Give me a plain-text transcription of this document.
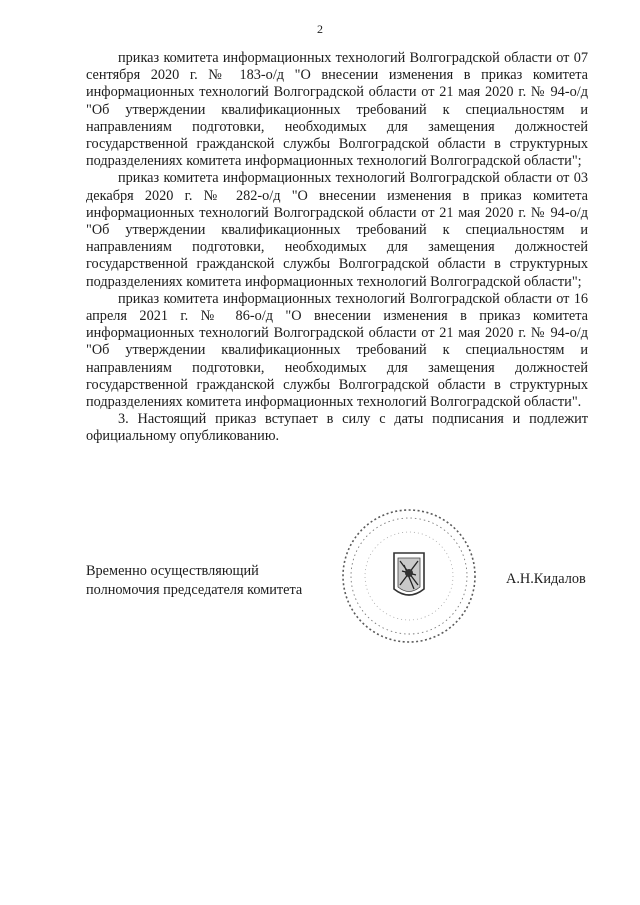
2

приказ комитета информационных технологий Волгоградской области от 07 сентября 2020 г. № 183-о/д "О внесении изменения в приказ комитета информационных технологий Волгоградской области от 21 мая 2020 г. № 94-о/д "Об утверждении квалификационных требований к специальностям и направлениям подготовки, необходимых для замещения должностей государственной гражданской службы Волгоградской области в структурных подразделениях комитета информационных технологий Волгоградской области";

приказ комитета информационных технологий Волгоградской области от 03 декабря 2020 г. № 282-о/д "О внесении изменения в приказ комитета информационных технологий Волгоградской области от 21 мая 2020 г. № 94-о/д "Об утверждении квалификационных требований к специальностям и направлениям подготовки, необходимых для замещения должностей государственной гражданской службы Волгоградской области в структурных подразделениях комитета информационных технологий Волгоградской области";

приказ комитета информационных технологий Волгоградской области от 16 апреля 2021 г. № 86-о/д "О внесении изменения в приказ комитета информационных технологий Волгоградской области от 21 мая 2020 г. № 94-о/д "Об утверждении квалификационных требований к специальностям и направлениям подготовки, необходимых для замещения должностей государственной гражданской службы Волгоградской области в структурных подразделениях комитета информационных технологий Волгоградской области".

3. Настоящий приказ вступает в силу с даты подписания и подлежит официальному опубликованию.

Временно осуществляющий
полномочия председателя комитета
А.Н.Кидалов
